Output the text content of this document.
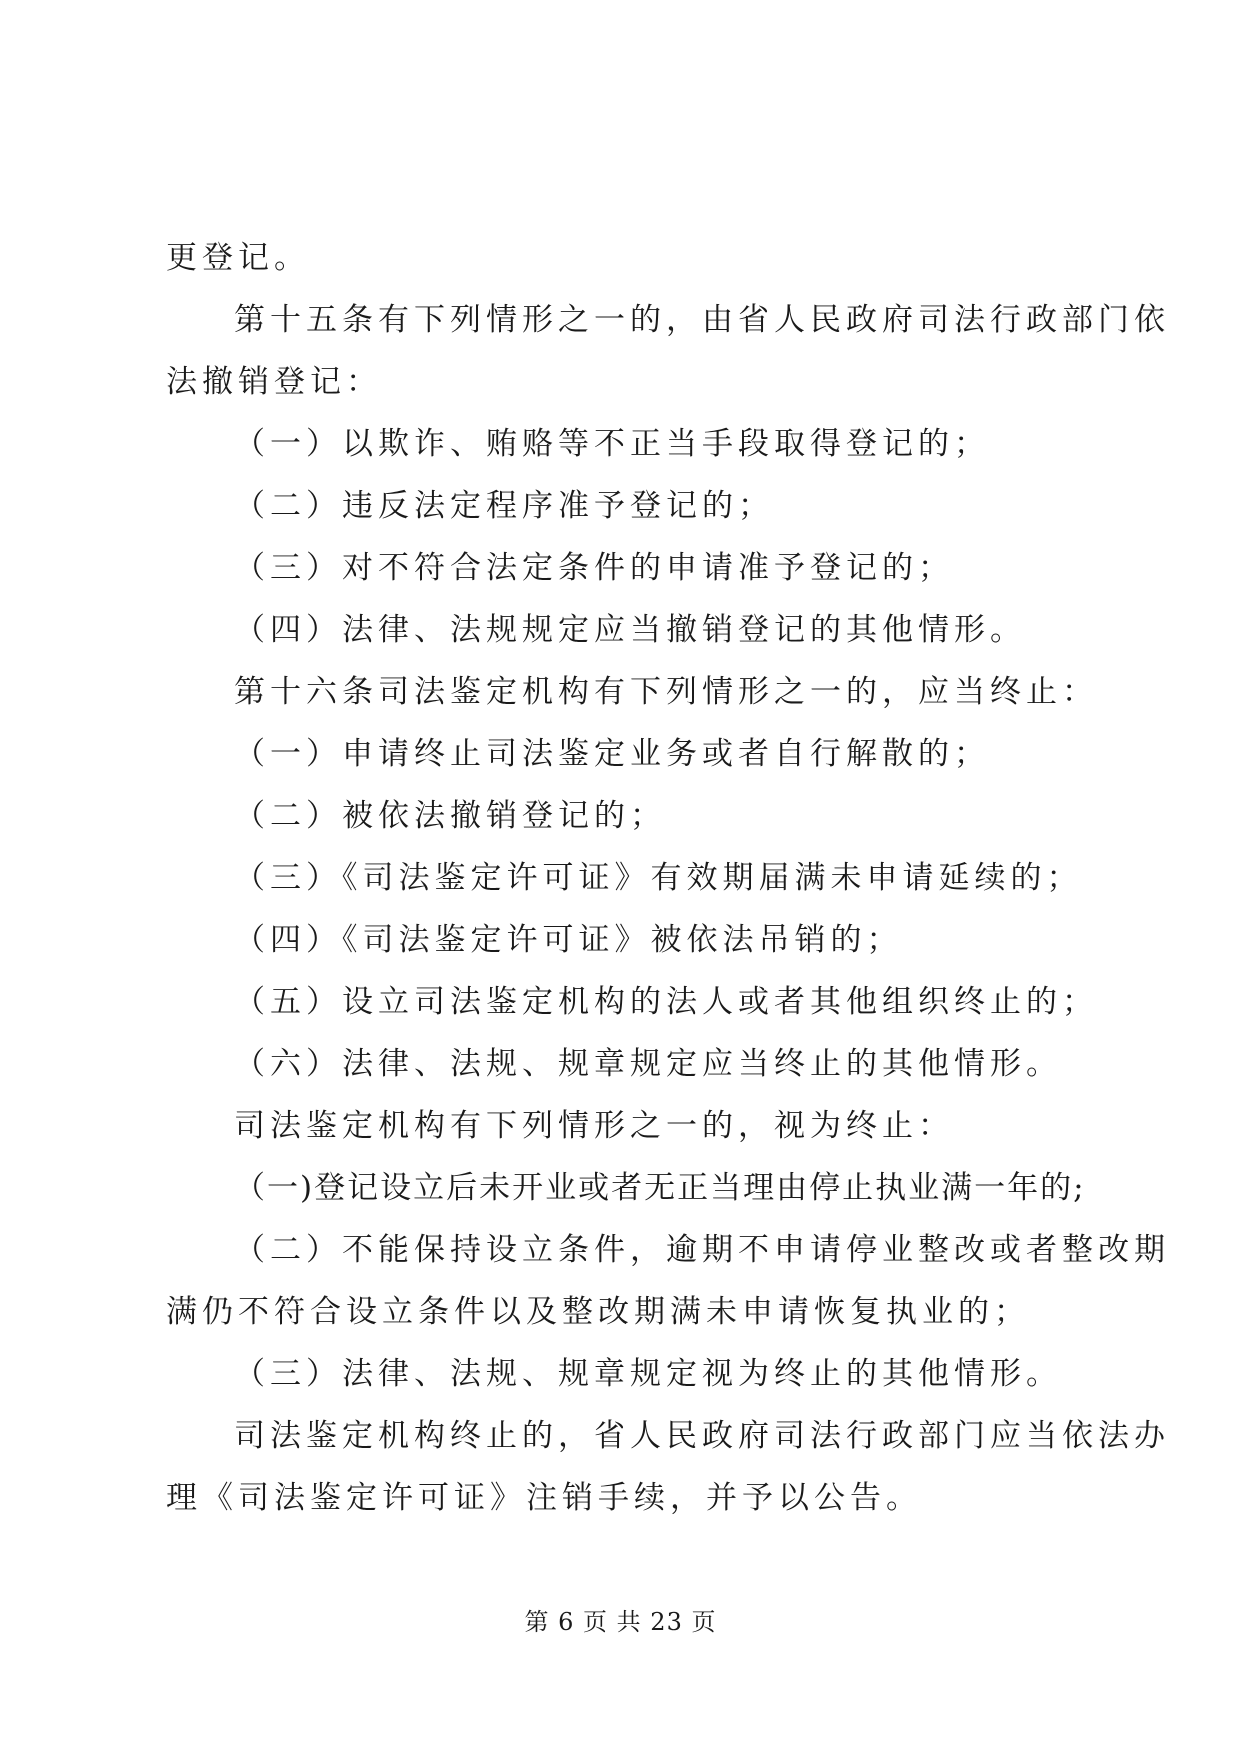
更登记。
第十五条有下列情形之一的，由省人民政府司法行政部门依
法撤销登记：
（一）以欺诈、贿赂等不正当手段取得登记的；
（二）违反法定程序准予登记的；
（三）对不符合法定条件的申请准予登记的；
（四）法律、法规规定应当撤销登记的其他情形。
第十六条司法鉴定机构有下列情形之一的，应当终止：
（一）申请终止司法鉴定业务或者自行解散的；
（二）被依法撤销登记的；
（三）《司法鉴定许可证》有效期届满未申请延续的；
（四）《司法鉴定许可证》被依法吊销的；
（五）设立司法鉴定机构的法人或者其他组织终止的；
（六）法律、法规、规章规定应当终止的其他情形。
司法鉴定机构有下列情形之一的，视为终止：
（一)登记设立后未开业或者无正当理由停止执业满一年的;
（二）不能保持设立条件，逾期不申请停业整改或者整改期
满仍不符合设立条件以及整改期满未申请恢复执业的；
（三）法律、法规、规章规定视为终止的其他情形。
司法鉴定机构终止的，省人民政府司法行政部门应当依法办
理《司法鉴定许可证》注销手续，并予以公告。
第 6 页 共 23 页
